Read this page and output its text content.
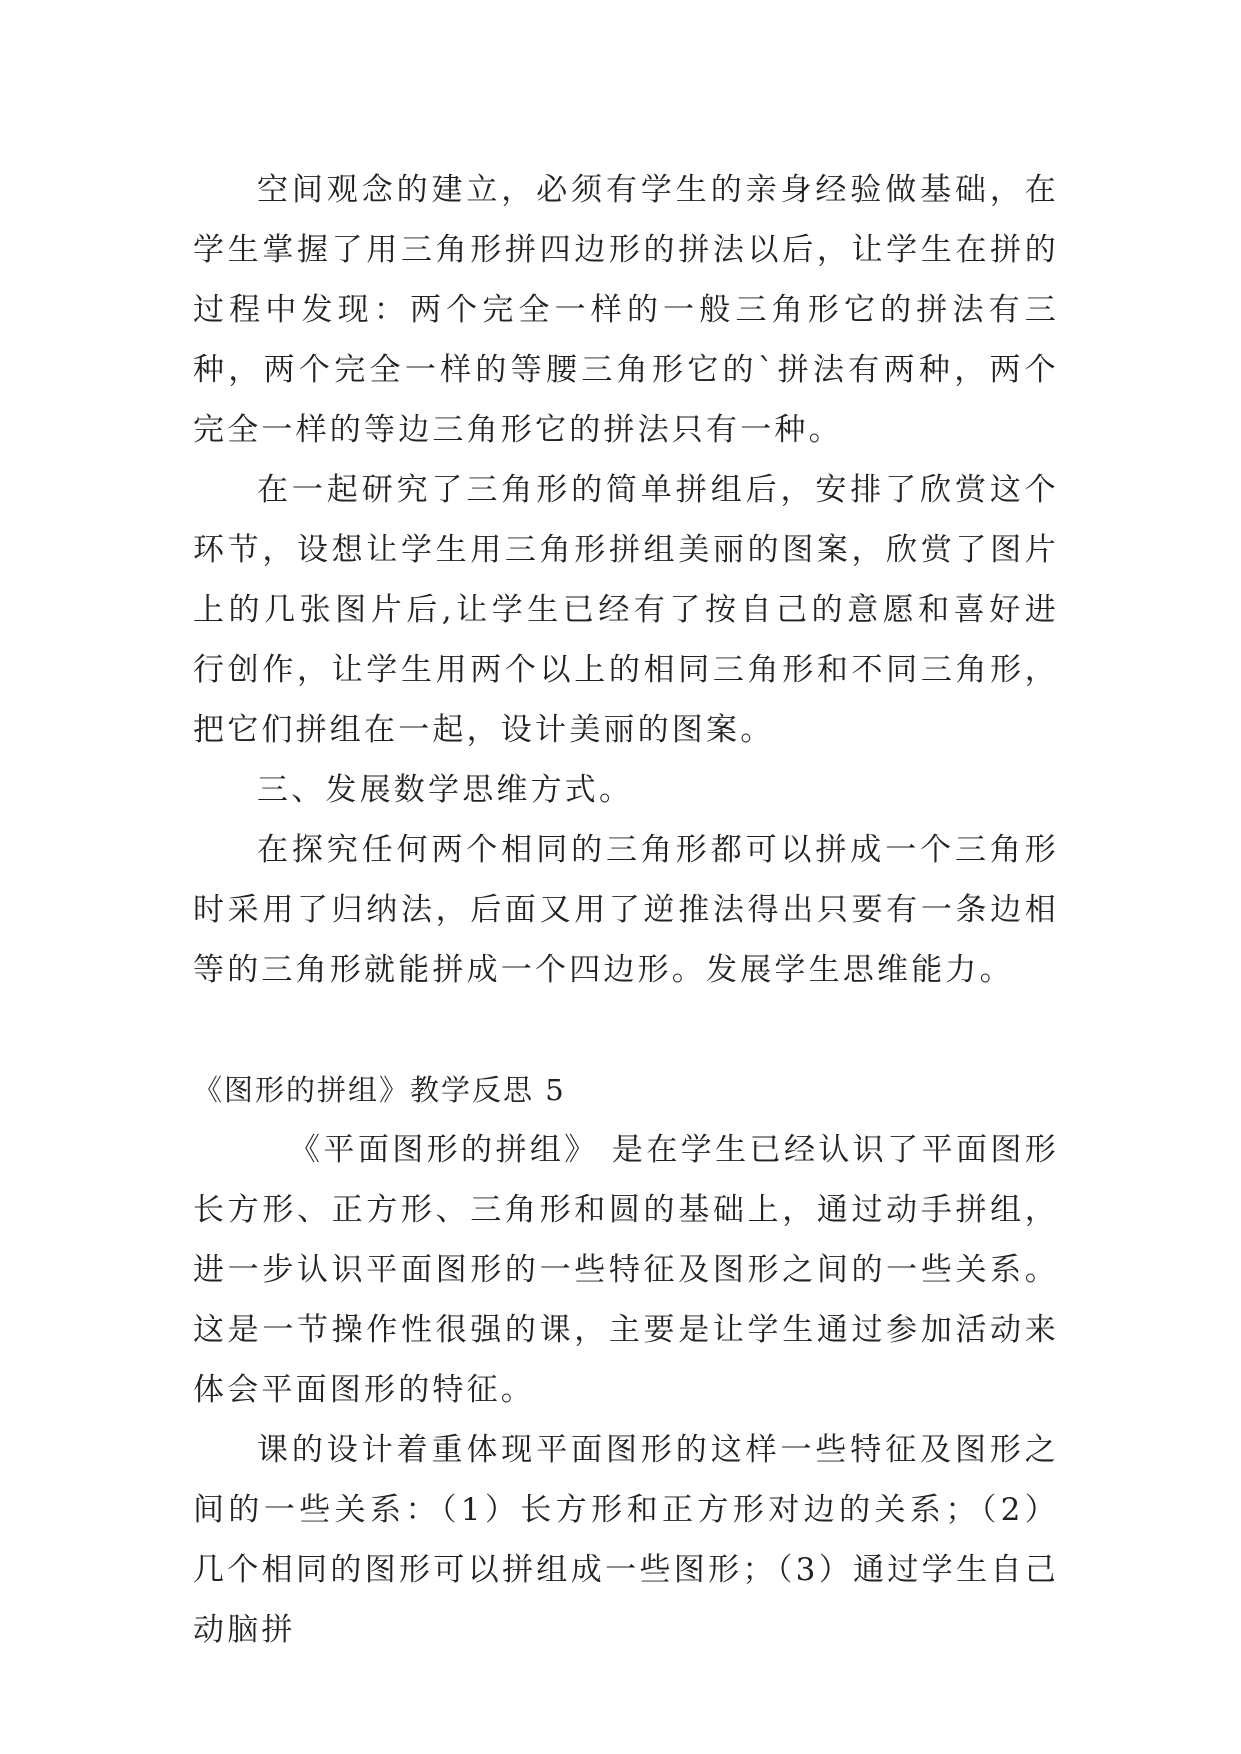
空间观念的建立，必须有学生的亲身经验做基础，在学生掌握了用三角形拼四边形的拼法以后，让学生在拼的过程中发现：两个完全一样的一般三角形它的拼法有三种，两个完全一样的等腰三角形它的`拼法有两种，两个完全一样的等边三角形它的拼法只有一种。

在一起研究了三角形的简单拼组后，安排了欣赏这个环节，设想让学生用三角形拼组美丽的图案，欣赏了图片上的几张图片后,让学生已经有了按自己的意愿和喜好进行创作，让学生用两个以上的相同三角形和不同三角形，把它们拼组在一起，设计美丽的图案。

三、发展数学思维方式。

在探究任何两个相同的三角形都可以拼成一个三角形时采用了归纳法，后面又用了逆推法得出只要有一条边相等的三角形就能拼成一个四边形。发展学生思维能力。

《图形的拼组》教学反思 5

《平面图形的拼组》 是在学生已经认识了平面图形长方形、正方形、三角形和圆的基础上，通过动手拼组，进一步认识平面图形的一些特征及图形之间的一些关系。这是一节操作性很强的课，主要是让学生通过参加活动来体会平面图形的特征。

课的设计着重体现平面图形的这样一些特征及图形之间的一些关系：（1）长方形和正方形对边的关系；（2）几个相同的图形可以拼组成一些图形；（3）通过学生自己动脑拼
